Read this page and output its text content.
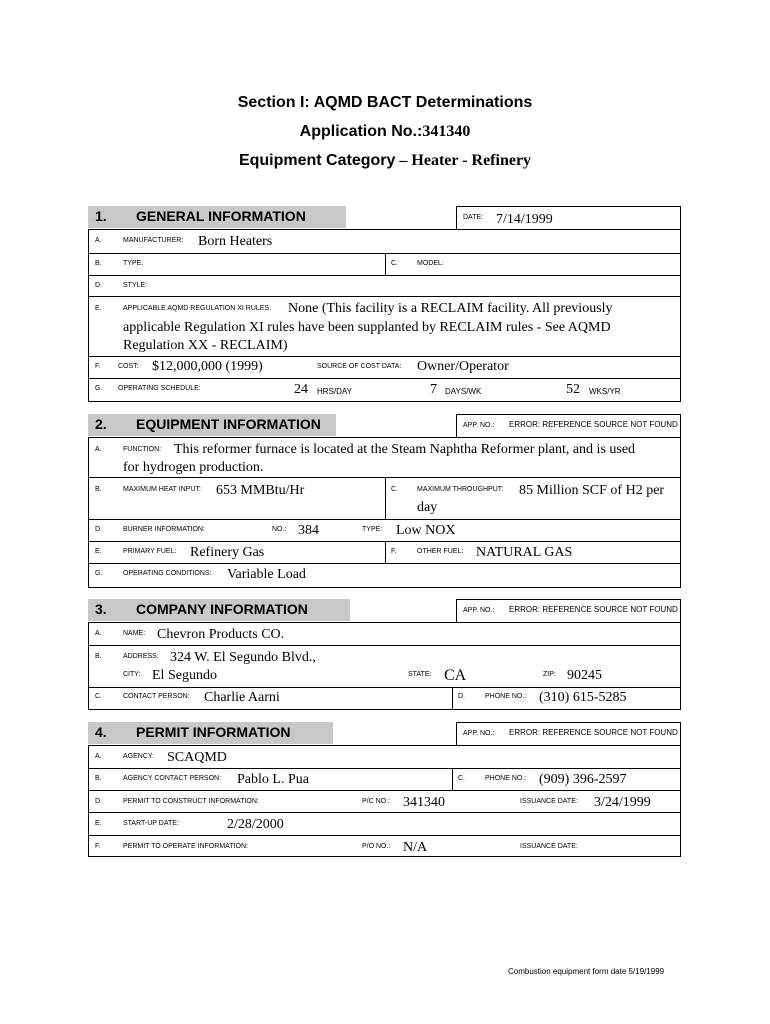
Section I: AQMD BACT Determinations
Application No.:341340
Equipment Category – Heater - Refinery
1. GENERAL INFORMATION	DATE: 7/14/1999
A.	MANUFACTURER: Born Heaters
B.	TYPE:	C.	MODEL:
D.	STYLE:
E.	APPLICABLE AQMD REGULATION XI RULES: None (This facility is a RECLAIM facility. All previously
applicable Regulation XI rules have been supplanted by RECLAIM rules - See AQMD
Regulation XX - RECLAIM)
F.	COST: $12,000,000 (1999)	SOURCE OF COST DATA: Owner/Operator
G. OPERATING SCHEDULE:	24 HRS/DAY	7 DAYS/WK	52 WKS/YR
2. EQUIPMENT INFORMATION	APP. NO.: ERROR: REFERENCE SOURCE NOT FOUND
A.	FUNCTION: This reformer furnace is located at the Steam Naphtha Reformer plant, and is used
for hydrogen production.
B.	MAXIMUM HEAT INPUT: 653 MMBtu/Hr	C.	MAXIMUM THROUGHPUT: 85 Million SCF of H2 per
day
D.	BURNER INFORMATION:	NO.: 384	TYPE: Low NOX
E.	PRIMARY FUEL: Refinery Gas	F.	OTHER FUEL: NATURAL GAS
G.	OPERATING CONDITIONS: Variable Load
3. COMPANY INFORMATION	APP. NO.: ERROR: REFERENCE SOURCE NOT FOUND
A.	NAME: Chevron Products CO.
B.	ADDRESS: 324 W. El Segundo Blvd.,
CITY: El Segundo	STATE: CA	ZIP: 90245
C.	CONTACT PERSON: Charlie Aarni	D.	PHONE NO.: (310) 615-5285
4. PERMIT INFORMATION	APP. NO.: ERROR: REFERENCE SOURCE NOT FOUND
A.	AGENCY: SCAQMD
B.	AGENCY CONTACT PERSON: Pablo L. Pua	C.	PHONE NO.: (909) 396-2597
D.	PERMIT TO CONSTRUCT INFORMATION:	P/C NO.: 341340	ISSUANCE DATE: 3/24/1999
E.	START-UP DATE:	2/28/2000
F.	PERMIT TO OPERATE INFORMATION:	P/O NO.: N/A	ISSUANCE DATE:
Combustion equipment form date 5/19/1999
